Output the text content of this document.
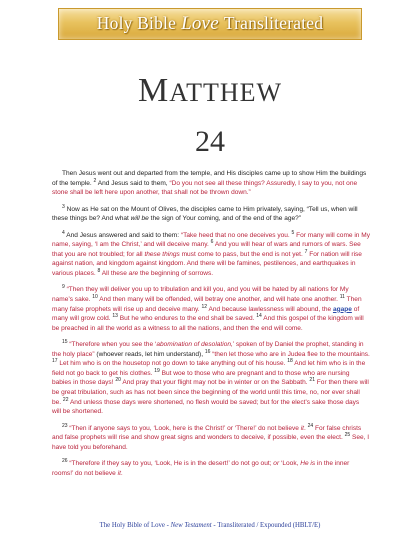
Holy Bible Love Transliterated
MATTHEW
24

Then Jesus went out and departed from the temple, and His disciples came up to show Him the buildings of the temple. $^2$ And Jesus said to them, “Do you not see all these things? Assuredly, I say to you, not one stone shall be left here upon another, that shall not be thrown down.”

$^3$ Now as He sat on the Mount of Olives, the disciples came to Him privately, saying, “Tell us, when will these things be? And what will be the sign of Your coming, and of the end of the age?”

$^4$ And Jesus answered and said to them: “Take heed that no one deceives you. $^5$ For many will come in My name, saying, ‘I am the Christ,’ and will deceive many. $^6$ And you will hear of wars and rumors of wars. See that you are not troubled; for all these things must come to pass, but the end is not yet. $^7$ For nation will rise against nation, and kingdom against kingdom. And there will be famines, pestilences, and earthquakes in various places. $^8$ All these are the beginning of sorrows.

$^9$ “Then they will deliver you up to tribulation and kill you, and you will be hated by all nations for My name’s sake. $^{10}$ And then many will be offended, will betray one another, and will hate one another. $^{11}$ Then many false prophets will rise up and deceive many. $^{12}$ And because lawlessness will abound, the agape of many will grow cold. $^{13}$ But he who endures to the end shall be saved. $^{14}$ And this gospel of the kingdom will be preached in all the world as a witness to all the nations, and then the end will come.

$^{15}$ “Therefore when you see the ‘abomination of desolation,’ spoken of by Daniel the prophet, standing in the holy place” (whoever reads, let him understand), $^{16}$ “then let those who are in Judea flee to the mountains. $^{17}$ Let him who is on the housetop not go down to take anything out of his house. $^{18}$ And let him who is in the field not go back to get his clothes. $^{19}$ But woe to those who are pregnant and to those who are nursing babies in those days! $^{20}$ And pray that your flight may not be in winter or on the Sabbath. $^{21}$ For then there will be great tribulation, such as has not been since the beginning of the world until this time, no, nor ever shall be. $^{22}$ And unless those days were shortened, no flesh would be saved; but for the elect’s sake those days will be shortened.

$^{23}$ “Then if anyone says to you, ‘Look, here is the Christ!’ or ‘There!’ do not believe it. $^{24}$ For false christs and false prophets will rise and show great signs and wonders to deceive, if possible, even the elect. $^{25}$ See, I have told you beforehand.

$^{26}$ “Therefore if they say to you, ‘Look, He is in the desert!’ do not go out; or ‘Look, He is in the inner rooms!’ do not believe it.

The Holy Bible of Love - New Testament - Transliterated / Expounded (HBLT/E)
